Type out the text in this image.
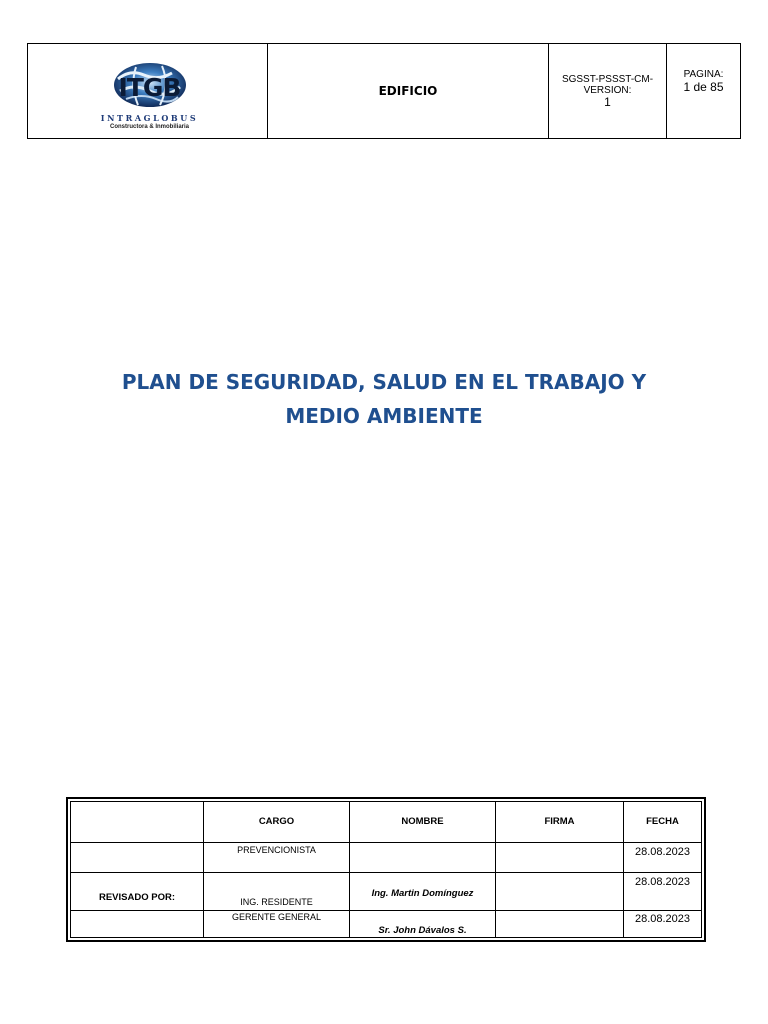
ITGB
INTRAGLOBUS
Constructora & Inmobiliaria
	EDIFICIO	
SGSST-PSSST-CM-
VERSION:
1

PAGINA:
1 de 85
PLAN DE SEGURIDAD, SALUD EN EL TRABAJO Y
MEDIO AMBIENTE
	CARGO	NOMBRE	FIRMA	FECHA
	PREVENCIONISTA			28.08.2023
REVISADO POR:	ING. RESIDENTE	Ing. Martin Domínguez		28.08.2023
	GERENTE GENERAL	Sr. John Dávalos S.		28.08.2023
